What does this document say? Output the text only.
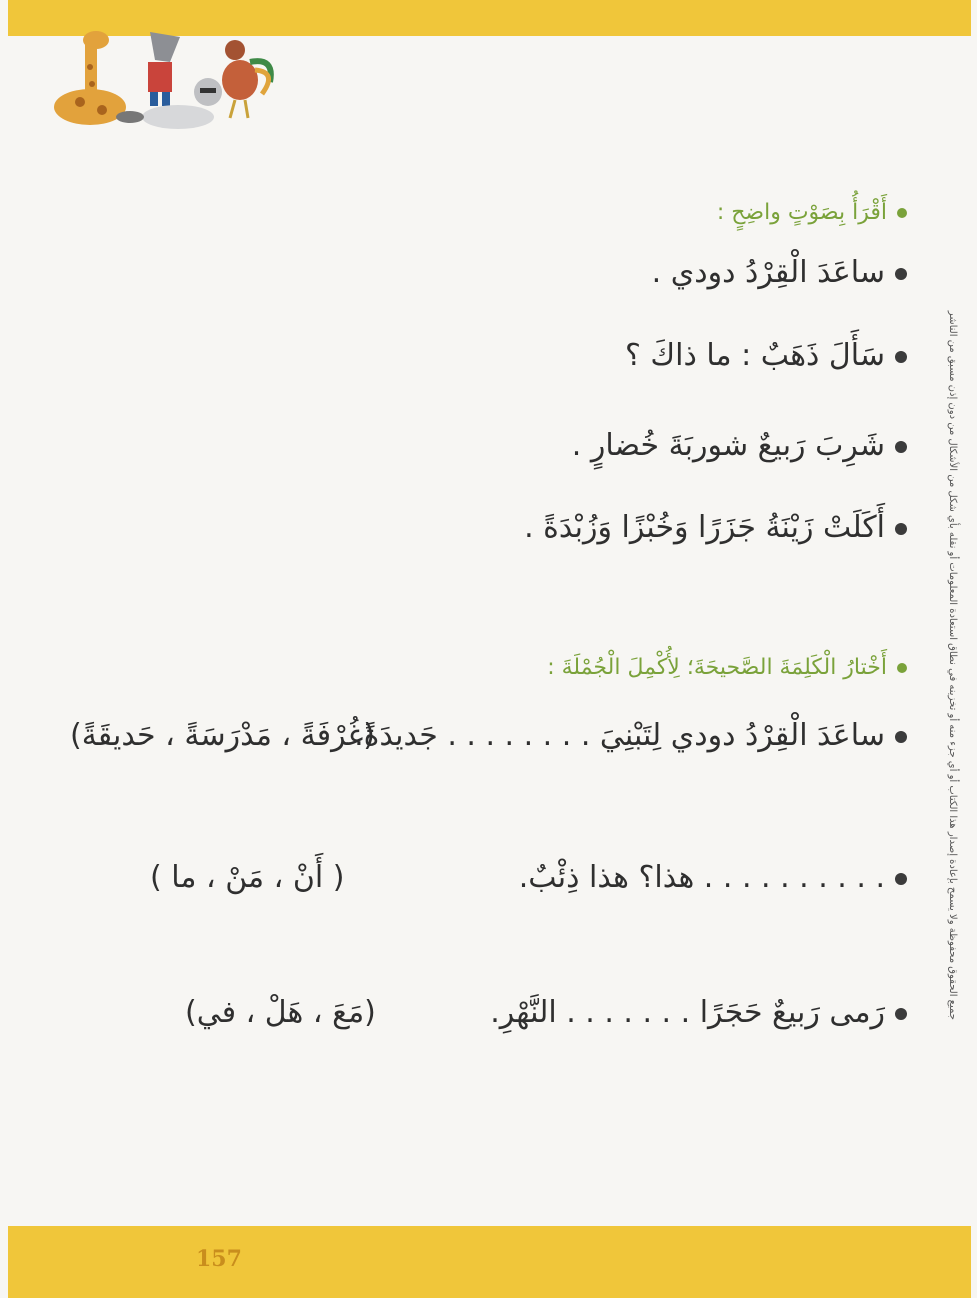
جميع الحقوق محفوظة ولا يسمح بإعادة إصدار هذا الكتاب أو أي جزء منه أو تخزينه في نطاق استعادة المعلومات أو نقله بأي شكل من الأشكال من دون إذن مسبق من الناشر
أَقْرَأُ بِصَوْتٍ واضِحٍ :
ساعَدَ الْقِرْدُ دودي .
سَأَلَ ذَهَبٌ : ما ذاكَ ؟
شَرِبَ رَبيعٌ شوربَةَ خُضارٍ .
أَكَلَتْ زَيْنَةُ جَزَرًا وَخُبْزًا وَزُبْدَةً .
أَخْتارُ الْكَلِمَةَ الصَّحيحَةَ؛ لِأُكْمِلَ الْجُمْلَةَ :
ساعَدَ الْقِرْدُ دودي لِتَبْنِيَ . . . . . . . . جَديدَةً.
(غُرْفَةً ، مَدْرَسَةً ، حَديقَةً)
. . . . . . . . . . هذا؟ هذا ذِئْبٌ.
( أَنْ ، مَنْ ، ما )
رَمى رَبيعٌ حَجَرًا . . . . . . . النَّهْرِ.
(مَعَ ، هَلْ ، في)
157
